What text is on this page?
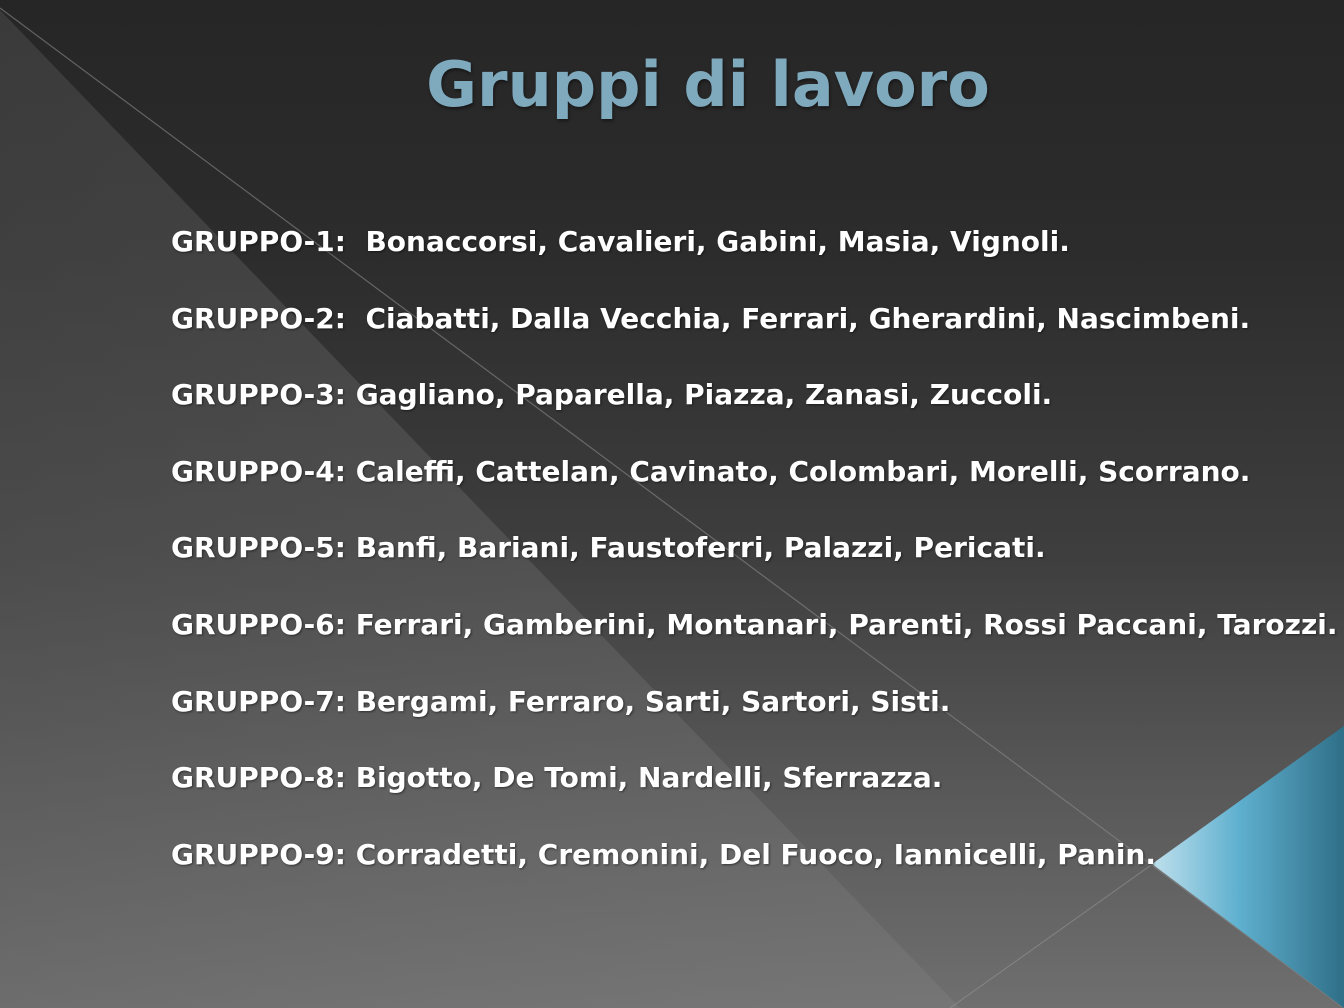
Gruppi di lavoro
GRUPPO-1:  Bonaccorsi, Cavalieri, Gabini, Masia, Vignoli.
GRUPPO-2:  Ciabatti, Dalla Vecchia, Ferrari, Gherardini, Nascimbeni.
GRUPPO-3: Gagliano, Paparella, Piazza, Zanasi, Zuccoli.
GRUPPO-4: Caleffi, Cattelan, Cavinato, Colombari, Morelli, Scorrano.
GRUPPO-5: Banfi, Bariani, Faustoferri, Palazzi, Pericati.
GRUPPO-6: Ferrari, Gamberini, Montanari, Parenti, Rossi Paccani, Tarozzi.
GRUPPO-7: Bergami, Ferraro, Sarti, Sartori, Sisti.
GRUPPO-8: Bigotto, De Tomi, Nardelli, Sferrazza.
GRUPPO-9: Corradetti, Cremonini, Del Fuoco, Iannicelli, Panin.
